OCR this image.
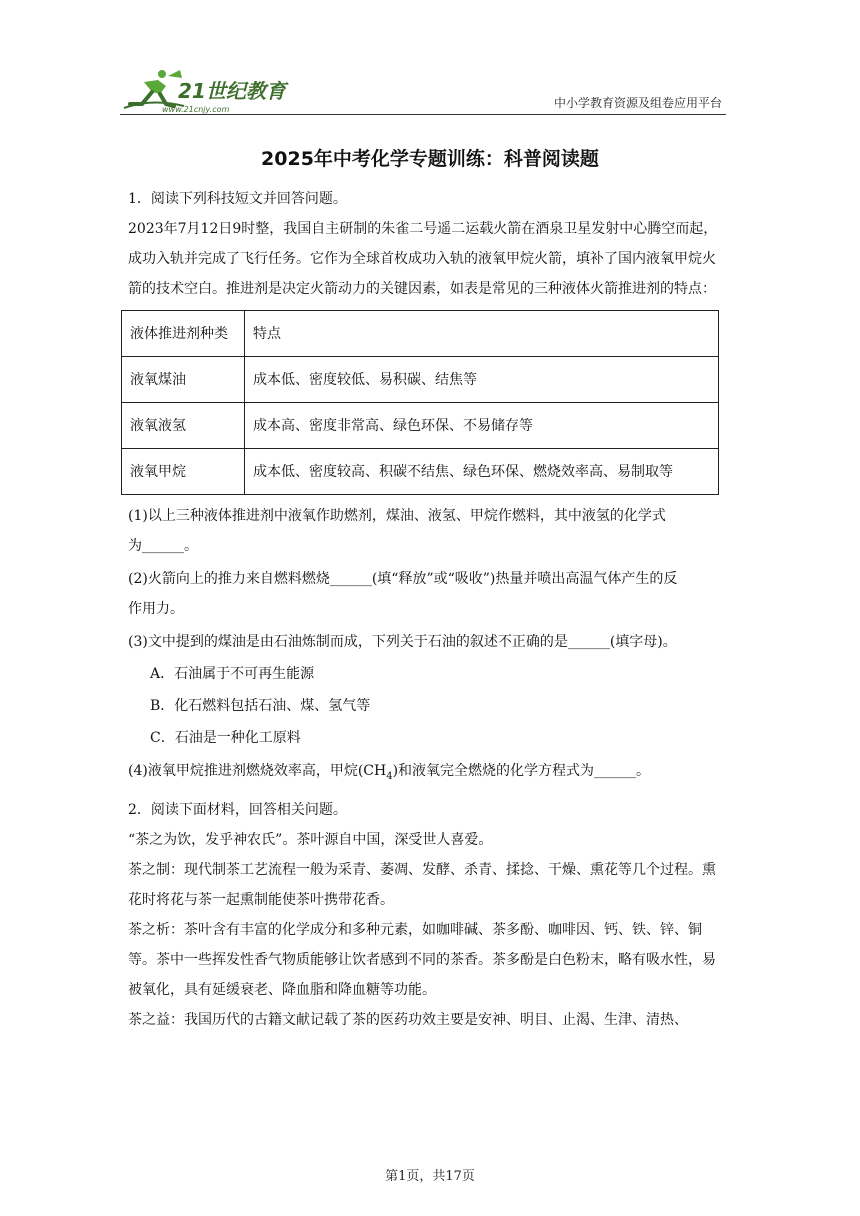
21世纪教育
www.21cnjy.com	中小学教育资源及组卷应用平台
2025年中考化学专题训练：科普阅读题

1．阅读下列科技短文并回答问题。

2023年7月12日9时整，我国自主研制的朱雀二号遥二运载火箭在酒泉卫星发射中心腾空而起，成功入轨并完成了飞行任务。它作为全球首枚成功入轨的液氧甲烷火箭，填补了国内液氧甲烷火箭的技术空白。推进剂是决定火箭动力的关键因素，如表是常见的三种液体火箭推进剂的特点：

液体推进剂种类	特点
液氧煤油	成本低、密度较低、易积碳、结焦等
液氧液氢	成本高、密度非常高、绿色环保、不易储存等
液氧甲烷	成本低、密度较高、积碳不结焦、绿色环保、燃烧效率高、易制取等

(1)以上三种液体推进剂中液氧作助燃剂，煤油、液氢、甲烷作燃料，其中液氢的化学式

为______。

(2)火箭向上的推力来自燃料燃烧______(填“释放”或“吸收”)热量并喷出高温气体产生的反

作用力。

(3)文中提到的煤油是由石油炼制而成，下列关于石油的叙述不正确的是______(填字母)。

A．石油属于不可再生能源

B．化石燃料包括石油、煤、氢气等

C．石油是一种化工原料

(4)液氧甲烷推进剂燃烧效率高，甲烷$(CH_4)$和液氧完全燃烧的化学方程式为______。

2．阅读下面材料，回答相关问题。

“茶之为饮，发乎神农氏”。茶叶源自中国，深受世人喜爱。

茶之制：现代制茶工艺流程一般为采青、萎凋、发酵、杀青、揉捻、干燥、熏花等几个过程。熏花时将花与茶一起熏制能使茶叶携带花香。

茶之析：茶叶含有丰富的化学成分和多种元素，如咖啡碱、茶多酚、咖啡因、钙、铁、锌、铜等。茶中一些挥发性香气物质能够让饮者感到不同的茶香。茶多酚是白色粉末，略有吸水性，易被氧化，具有延缓衰老、降血脂和降血糖等功能。

茶之益：我国历代的古籍文献记载了茶的医药功效主要是安神、明目、止渴、生津、清热、

第1页，共17页
